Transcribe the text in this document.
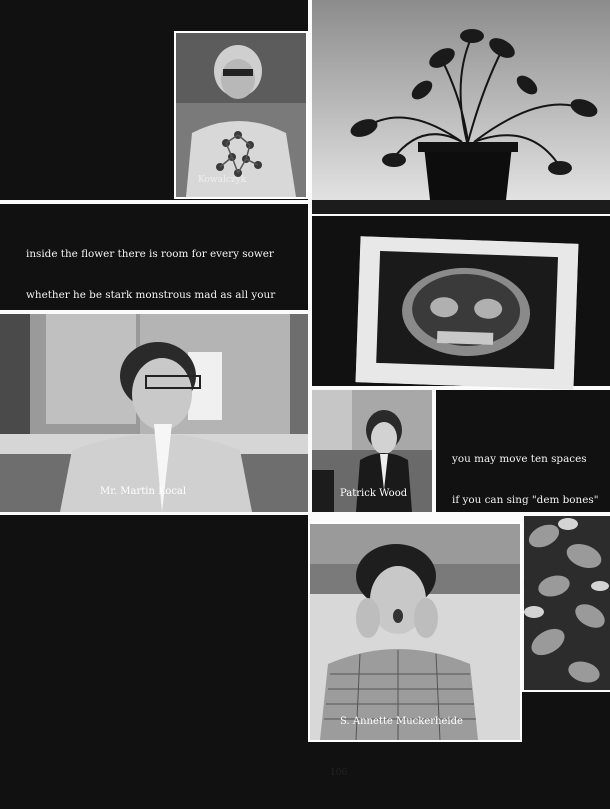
Kowalczyk

inside the flower there is room for every sower

whether he be stark monstrous mad as all your

Mr. Martin Kocal	Patrick Wood

you may move ten spaces

if you can sing "dem bones"

S. Annette Muckerheide
106
